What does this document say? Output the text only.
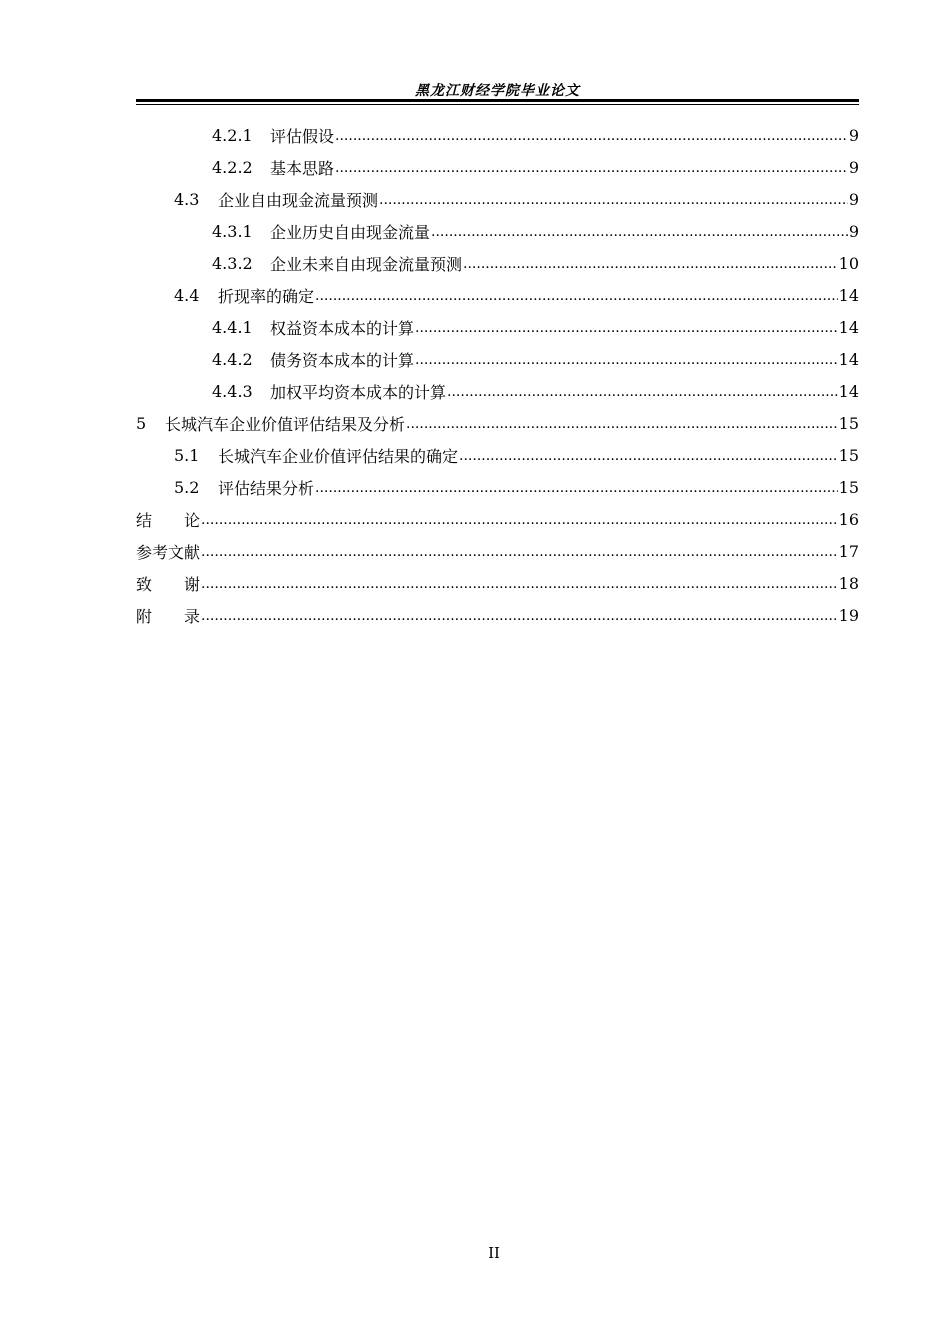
黑龙江财经学院毕业论文
4.2.1	评估假设 .....	9
4.2.2	基本思路 .....	9
4.3	企业自由现金流量预测 .....	9
4.3.1	企业历史自由现金流量 .....	9
4.3.2	企业未来自由现金流量预测 .....	10
4.4	折现率的确定 .....	14
4.4.1	权益资本成本的计算 .....	14
4.4.2	债务资本成本的计算 .....	14
4.4.3	加权平均资本成本的计算 .....	14
5	长城汽车企业价值评估结果及分析 .....	15
5.1	长城汽车企业价值评估结果的确定 .....	15
5.2	评估结果分析 .....	15
结　　论 .....	16
参考文献 .....	17
致　　谢 .....	18
附　　录 .....	19
II
